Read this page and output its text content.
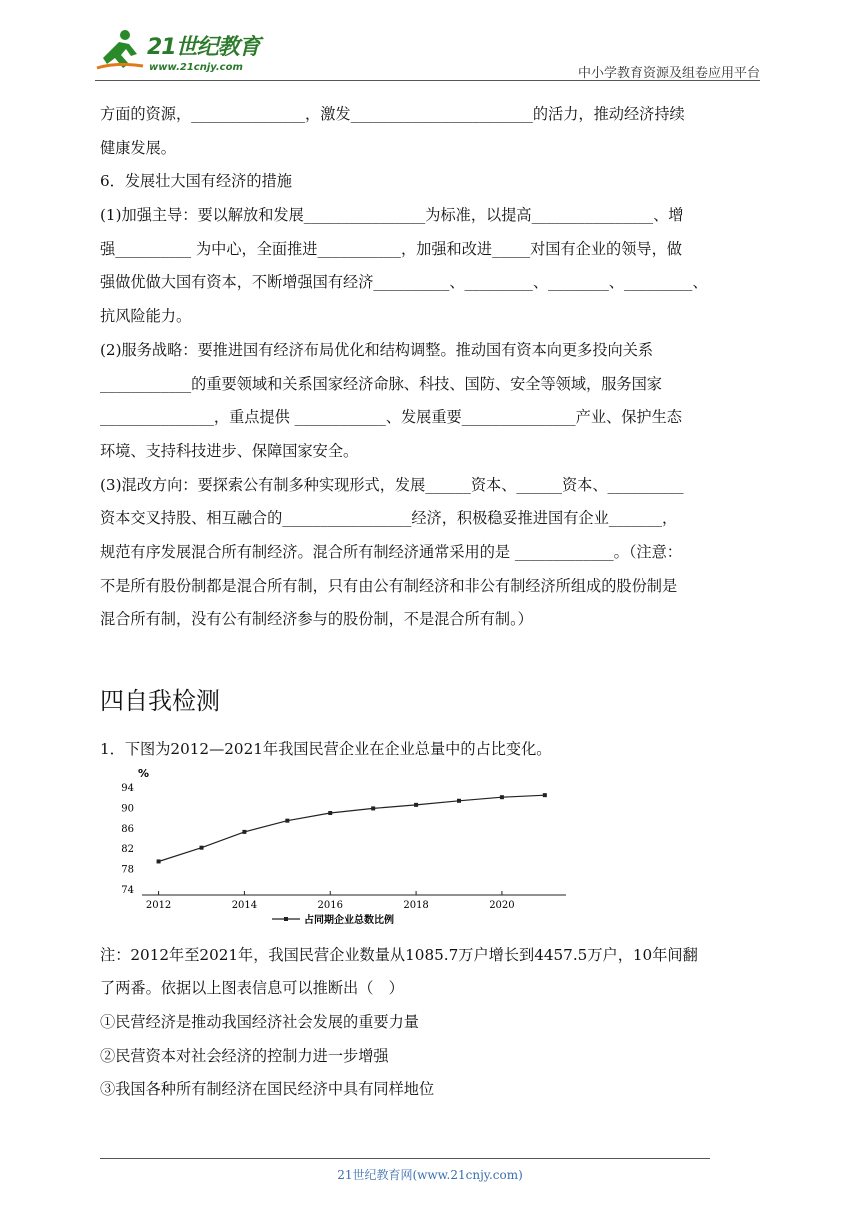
21世纪教育
www.21cnjy.com	中小学教育资源及组卷应用平台
方面的资源，_______________，激发________________________的活力，推动经济持续
健康发展。
6．发展壮大国有经济的措施
(1)加强主导：要以解放和发展________________为标准，以提高________________、增
强__________ 为中心，全面推进___________，加强和改进_____对国有企业的领导，做
强做优做大国有资本，不断增强国有经济__________、_________、________、_________、
抗风险能力。
(2)服务战略：要推进国有经济布局优化和结构调整。推动国有资本向更多投向关系
____________的重要领域和关系国家经济命脉、科技、国防、安全等领域，服务国家
_______________，重点提供 ____________、发展重要_______________产业、保护生态
环境、支持科技进步、保障国家安全。
(3)混改方向：要探索公有制多种实现形式，发展______资本、______资本、__________
资本交叉持股、相互融合的_________________经济，积极稳妥推进国有企业_______，
规范有序发展混合所有制经济。混合所有制经济通常采用的是 _____________。（注意：
不是所有股份制都是混合所有制，只有由公有制经济和非公有制经济所组成的股份制是
混合所有制，没有公有制经济参与的股份制，不是混合所有制。）
四自我检测
1．下图为2012—2021年我国民营企业在企业总量中的占比变化。
%
74
78
82
86
90
94
2012	2014	2016	2018	2020
占同期企业总数比例
注：2012年至2021年，我国民营企业数量从1085.7万户增长到4457.5万户，10年间翻
了两番。依据以上图表信息可以推断出（　）
①民营经济是推动我国经济社会发展的重要力量
②民营资本对社会经济的控制力进一步增强
③我国各种所有制经济在国民经济中具有同样地位
21世纪教育网(www.21cnjy.com)
